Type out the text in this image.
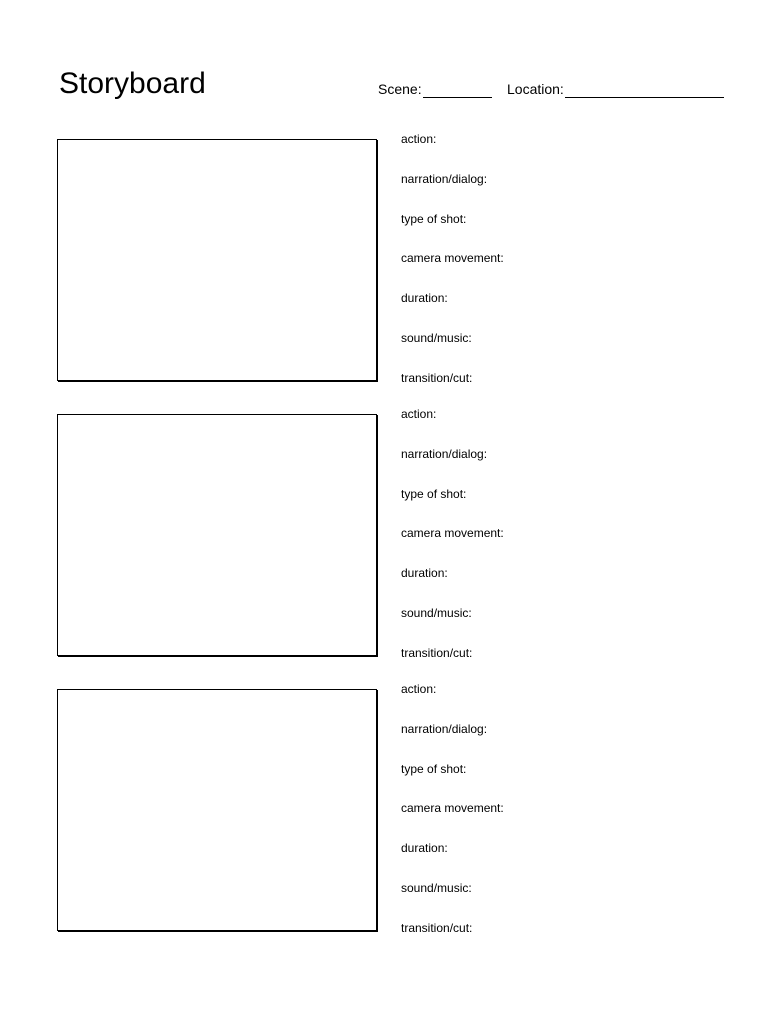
Storyboard	Scene:	Location:
action:
narration/dialog:
type of shot:
camera movement:
duration:
sound/music:
transition/cut:
action:
narration/dialog:
type of shot:
camera movement:
duration:
sound/music:
transition/cut:
action:
narration/dialog:
type of shot:
camera movement:
duration:
sound/music:
transition/cut:
